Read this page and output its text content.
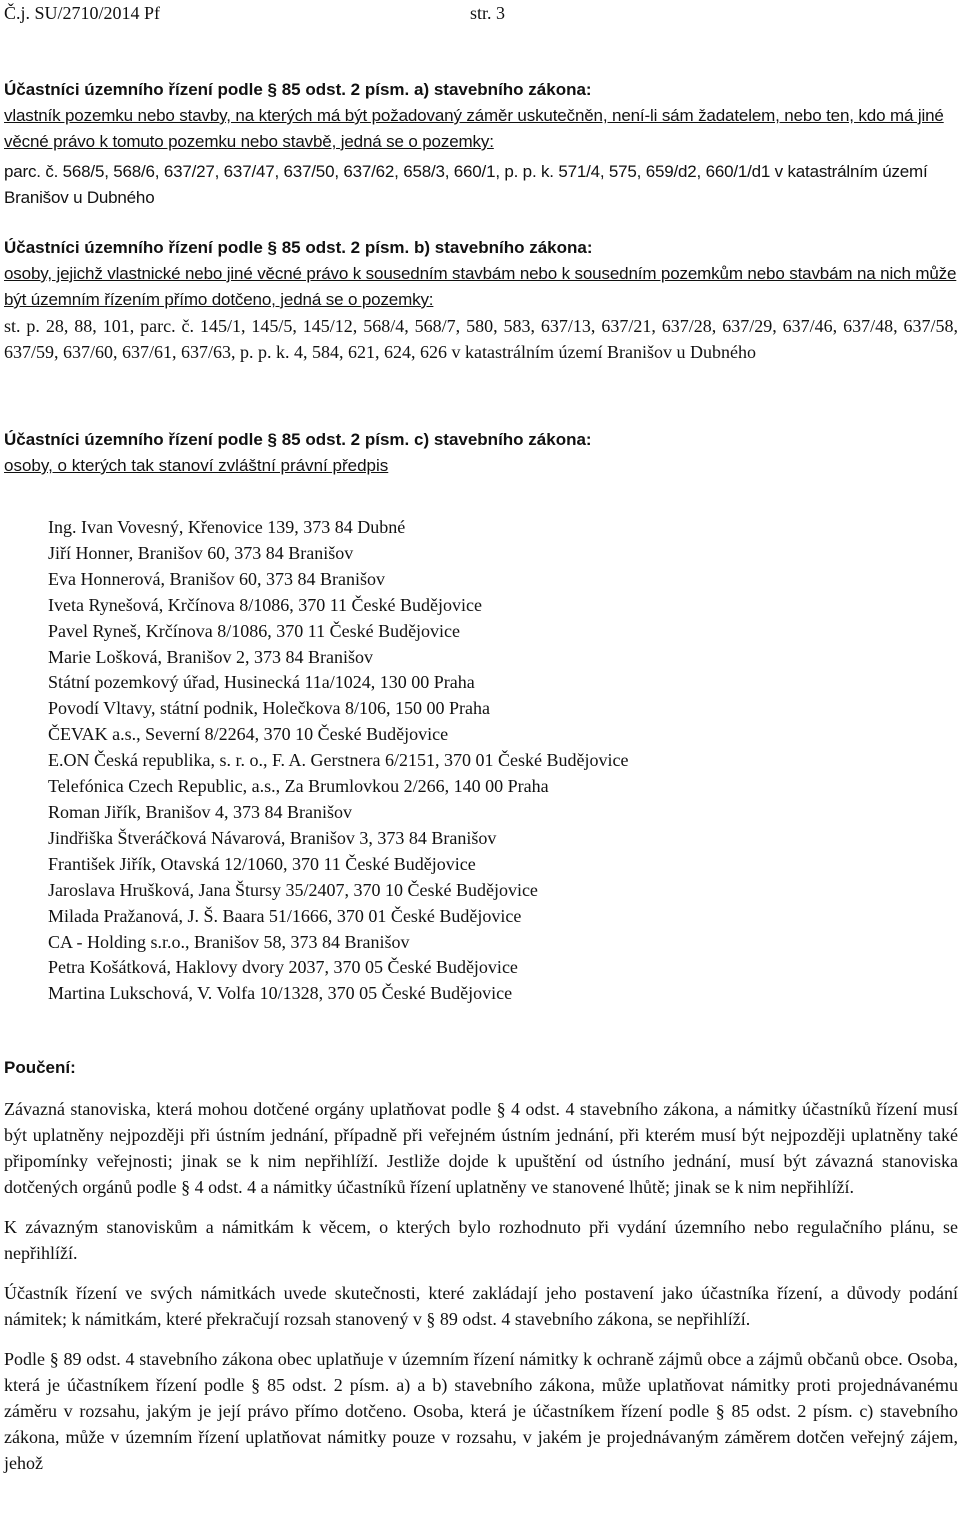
Č.j. SU/2710/2014 Pf	str. 3

Účastníci územního řízení podle § 85 odst. 2 písm. a) stavebního zákona:

vlastník pozemku nebo stavby, na kterých má být požadovaný záměr uskutečněn, není-li sám žadatelem, nebo ten, kdo má jiné věcné právo k tomuto pozemku nebo stavbě, jedná se o pozemky:

parc. č. 568/5, 568/6, 637/27, 637/47, 637/50, 637/62, 658/3, 660/1, p. p. k. 571/4, 575, 659/d2, 660/1/d1 v katastrálním území Branišov u Dubného

Účastníci územního řízení podle § 85 odst. 2 písm. b) stavebního zákona:

osoby, jejichž vlastnické nebo jiné věcné právo k sousedním stavbám nebo k sousedním pozemkům nebo stavbám na nich může být územním řízením přímo dotčeno, jedná se o pozemky:

st. p. 28, 88, 101, parc. č. 145/1, 145/5, 145/12, 568/4, 568/7, 580, 583, 637/13, 637/21, 637/28, 637/29, 637/46, 637/48, 637/58, 637/59, 637/60, 637/61, 637/63, p. p. k. 4, 584, 621, 624, 626 v katastrálním území Branišov u Dubného

Účastníci územního řízení podle § 85 odst. 2 písm. c) stavebního zákona:

osoby, o kterých tak stanoví zvláštní právní předpis

Ing. Ivan Vovesný, Křenovice 139, 373 84 Dubné
Jiří Honner, Branišov 60, 373 84 Branišov
Eva Honnerová, Branišov 60, 373 84 Branišov
Iveta Rynešová, Krčínova 8/1086, 370 11 České Budějovice
Pavel Ryneš, Krčínova 8/1086, 370 11 České Budějovice
Marie Lošková, Branišov 2, 373 84 Branišov
Státní pozemkový úřad, Husinecká 11a/1024, 130 00 Praha
Povodí Vltavy, státní podnik, Holečkova 8/106, 150 00 Praha
ČEVAK a.s., Severní 8/2264, 370 10 České Budějovice
E.ON Česká republika, s. r. o., F. A. Gerstnera 6/2151, 370 01 České Budějovice
Telefónica Czech Republic, a.s., Za Brumlovkou 2/266, 140 00 Praha
Roman Jiřík, Branišov 4, 373 84 Branišov
Jindřiška Štveráčková Návarová, Branišov 3, 373 84 Branišov
František Jiřík, Otavská 12/1060, 370 11 České Budějovice
Jaroslava Hrušková, Jana Štursy 35/2407, 370 10 České Budějovice
Milada Pražanová, J. Š. Baara 51/1666, 370 01 České Budějovice
CA - Holding s.r.o., Branišov 58, 373 84 Branišov
Petra Košátková, Haklovy dvory 2037, 370 05 České Budějovice
Martina Lukschová, V. Volfa 10/1328, 370 05 České Budějovice

Poučení:

Závazná stanoviska, která mohou dotčené orgány uplatňovat podle § 4 odst. 4 stavebního zákona, a námitky účastníků řízení musí být uplatněny nejpozději při ústním jednání, případně při veřejném ústním jednání, při kterém musí být nejpozději uplatněny také připomínky veřejnosti; jinak se k nim nepřihlíží. Jestliže dojde k upuštění od ústního jednání, musí být závazná stanoviska dotčených orgánů podle § 4 odst. 4 a námitky účastníků řízení uplatněny ve stanovené lhůtě; jinak se k nim nepřihlíží.

K závazným stanoviskům a námitkám k věcem, o kterých bylo rozhodnuto při vydání územního nebo regulačního plánu, se nepřihlíží.

Účastník řízení ve svých námitkách uvede skutečnosti, které zakládají jeho postavení jako účastníka řízení, a důvody podání námitek; k námitkám, které překračují rozsah stanovený v § 89 odst. 4 stavebního zákona, se nepřihlíží.

Podle § 89 odst. 4 stavebního zákona obec uplatňuje v územním řízení námitky k ochraně zájmů obce a zájmů občanů obce. Osoba, která je účastníkem řízení podle § 85 odst. 2 písm. a) a b) stavebního zákona, může uplatňovat námitky proti projednávanému záměru v rozsahu, jakým je její právo přímo dotčeno. Osoba, která je účastníkem řízení podle § 85 odst. 2 písm. c) stavebního zákona, může v územním řízení uplatňovat námitky pouze v rozsahu, v jakém je projednávaným záměrem dotčen veřejný zájem, jehož
